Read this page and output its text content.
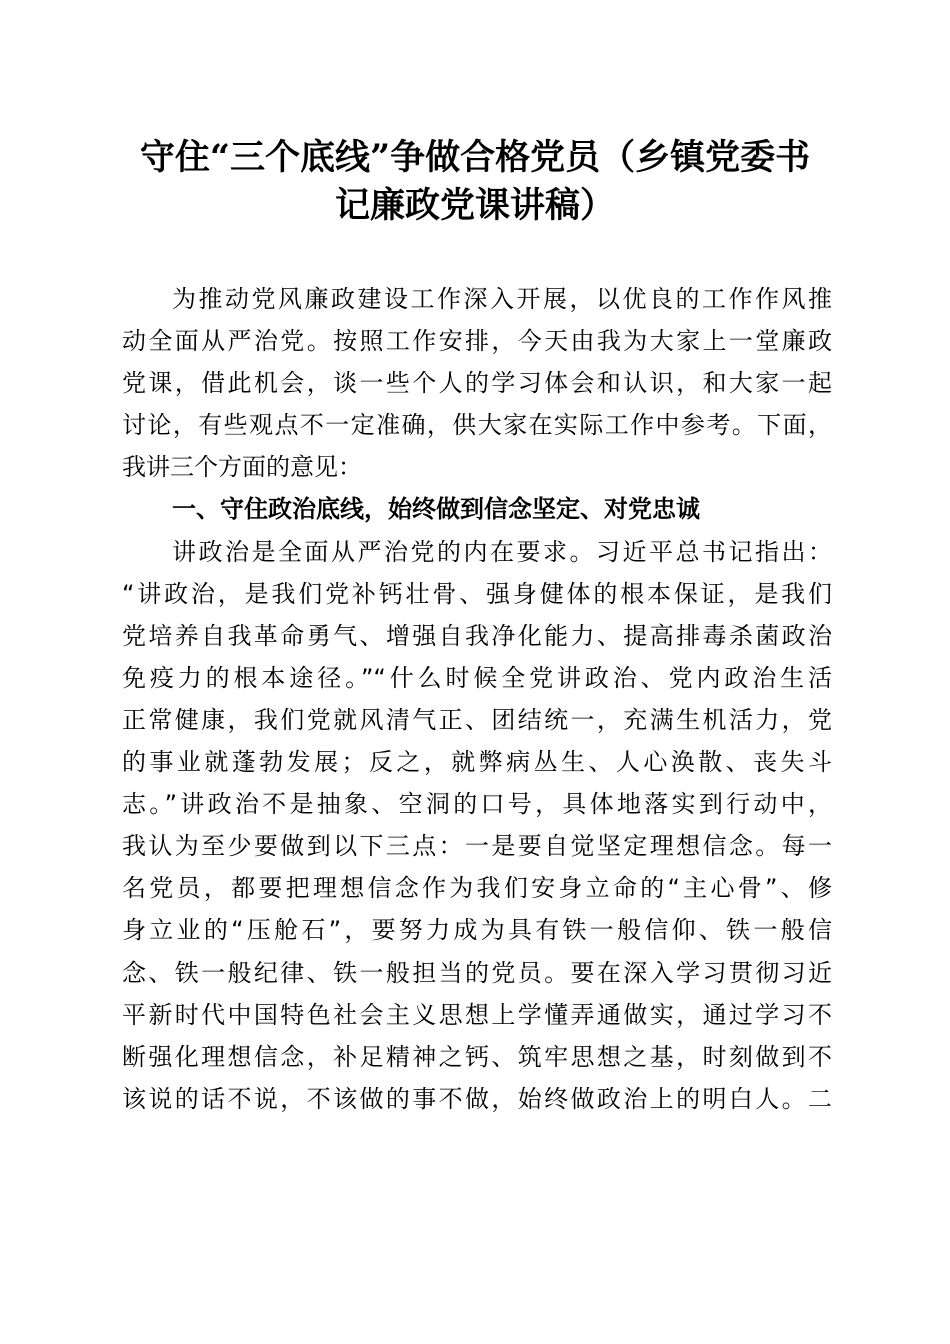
守住“三个底线”争做合格党员（乡镇党委书
记廉政党课讲稿）
为推动党风廉政建设工作深入开展，以优良的工作作风推
动全面从严治党。按照工作安排，今天由我为大家上一堂廉政
党课，借此机会，谈一些个人的学习体会和认识，和大家一起
讨论，有些观点不一定准确，供大家在实际工作中参考。下面，
我讲三个方面的意见：
一、守住政治底线，始终做到信念坚定、对党忠诚
讲政治是全面从严治党的内在要求。习近平总书记指出：
“讲政治，是我们党补钙壮骨、强身健体的根本保证，是我们
党培养自我革命勇气、增强自我净化能力、提高排毒杀菌政治
免疫力的根本途径。”“什么时候全党讲政治、党内政治生活
正常健康，我们党就风清气正、团结统一，充满生机活力，党
的事业就蓬勃发展；反之，就弊病丛生、人心涣散、丧失斗
志。”讲政治不是抽象、空洞的口号，具体地落实到行动中，
我认为至少要做到以下三点：一是要自觉坚定理想信念。每一
名党员，都要把理想信念作为我们安身立命的“主心骨”、修
身立业的“压舱石”，要努力成为具有铁一般信仰、铁一般信
念、铁一般纪律、铁一般担当的党员。要在深入学习贯彻习近
平新时代中国特色社会主义思想上学懂弄通做实，通过学习不
断强化理想信念，补足精神之钙、筑牢思想之基，时刻做到不
该说的话不说，不该做的事不做，始终做政治上的明白人。二
